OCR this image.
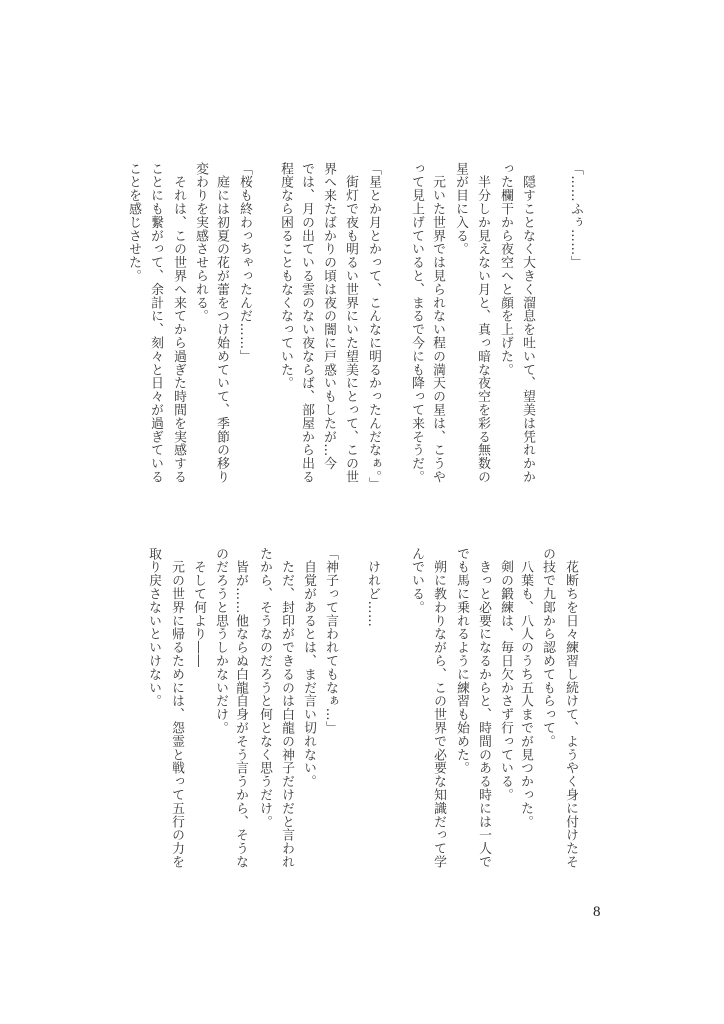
「……ふぅ……」
　隠すことなく大きく溜息を吐いて、望美は凭れかか
った欄干から夜空へと顔を上げた。
　半分しか見えない月と、真っ暗な夜空を彩る無数の
星が目に入る。
　元いた世界では見られない程の満天の星は、こうや
って見上げていると、まるで今にも降って来そうだ。
「星とか月とかって、こんなに明るかったんだなぁ。」
　街灯で夜も明るい世界にいた望美にとって、この世
界へ来たばかりの頃は夜の闇に戸惑いもしたが…今
では、月の出ている雲のない夜ならば、部屋から出る
程度なら困ることもなくなっていた。
「桜も終わっちゃったんだ……」
　庭には初夏の花が蕾をつけ始めていて、季節の移り
変わりを実感させられる。
　それは、この世界へ来てから過ぎた時間を実感する
ことにも繋がって、余計に、刻々と日々が過ぎている
ことを感じさせた。
　花断ちを日々練習し続けて、ようやく身に付けたそ
の技で九郎から認めてもらって。
　八葉も、八人のうち五人までが見つかった。
　剣の鍛練は、毎日欠かさず行っている。
　きっと必要になるからと、時間のある時には一人で
でも馬に乗れるように練習も始めた。
　朔に教わりながら、この世界で必要な知識だって学
んでいる。
　けれど……
「神子って言われてもなぁ…」
　自覚があるとは、まだ言い切れない。
　ただ、封印ができるのは白龍の神子だけだと言われ
たから、そうなのだろうと何となく思うだけ。
　皆が……他ならぬ白龍自身がそう言うから、そうな
のだろうと思うしかないだけ。
　そして何より――
　元の世界に帰るためには、怨霊と戦って五行の力を
取り戻さないといけない。
8
